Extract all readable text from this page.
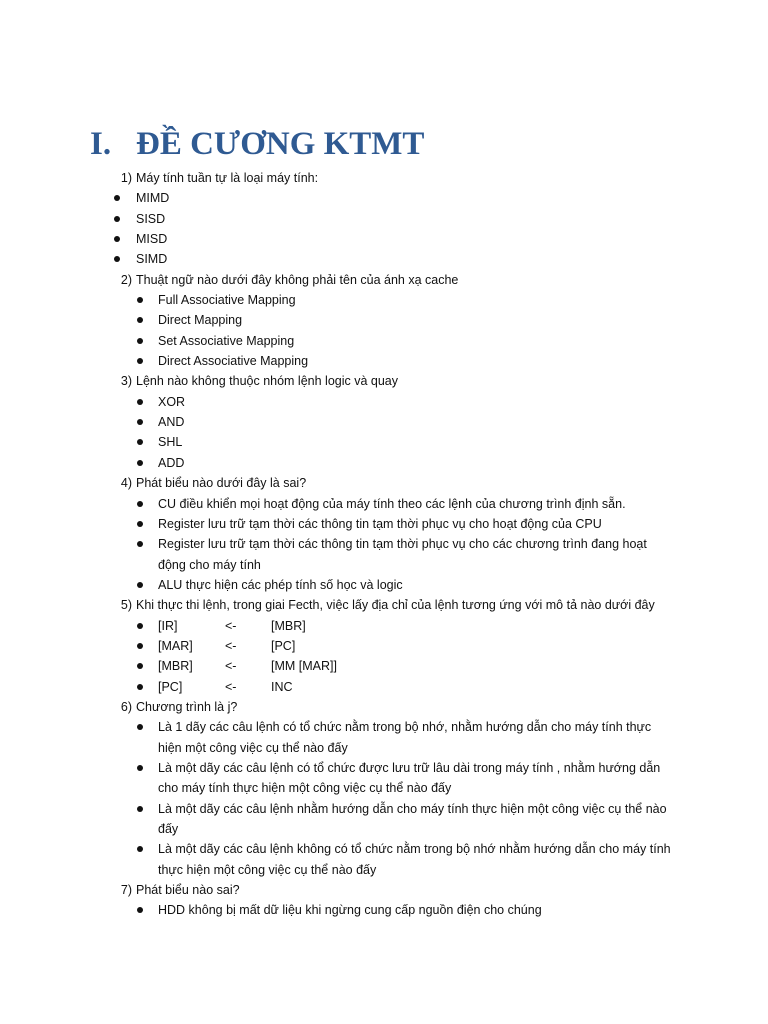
I. ĐỀ CƯƠNG KTMT
1) Máy tính tuần tự là loại máy tính:
MIMD
SISD
MISD
SIMD
2) Thuật ngữ nào dưới đây không phải tên của ánh xạ cache
Full Associative Mapping
Direct Mapping
Set Associative Mapping
Direct Associative Mapping
3) Lệnh nào không thuộc nhóm lệnh logic và quay
XOR
AND
SHL
ADD
4) Phát biểu nào dưới đây là sai?
CU điều khiển mọi hoạt động của máy tính theo các lệnh của chương trình định sẵn.
Register lưu trữ tạm thời các thông tin tạm thời phục vụ cho hoạt động của CPU
Register lưu trữ tạm thời các thông tin tạm thời phục vụ cho các chương trình đang hoạt động cho máy tính
ALU thực hiện các phép tính số học và logic
5) Khi thực thi lệnh, trong giai Fecth, việc lấy địa chỉ của lệnh tương ứng với mô tả nào dưới đây
[IR]	<-	[MBR]
[MAR]	<-	[PC]
[MBR]	<-	[MM [MAR]]
[PC]	<-	INC
6) Chương trình là j?
Là 1 dãy các câu lệnh có tổ chức nằm trong bộ nhớ, nhằm hướng dẫn cho máy tính thực hiện một công việc cụ thể nào đấy
Là một dãy các câu lệnh có tổ chức được lưu trữ lâu dài trong máy tính , nhằm hướng dẫn cho máy tính thực hiện một công việc cụ thể nào đấy
Là một dãy các câu lệnh nhằm hướng dẫn cho máy tính thực hiện một công việc cụ thể nào đấy
Là một dãy các câu lệnh không có tổ chức nằm trong bộ nhớ nhằm hướng dẫn cho máy tính thực hiện một công việc cụ thể nào đấy
7) Phát biểu nào sai?
HDD không bị mất dữ liệu khi ngừng cung cấp nguồn điện cho chúng
